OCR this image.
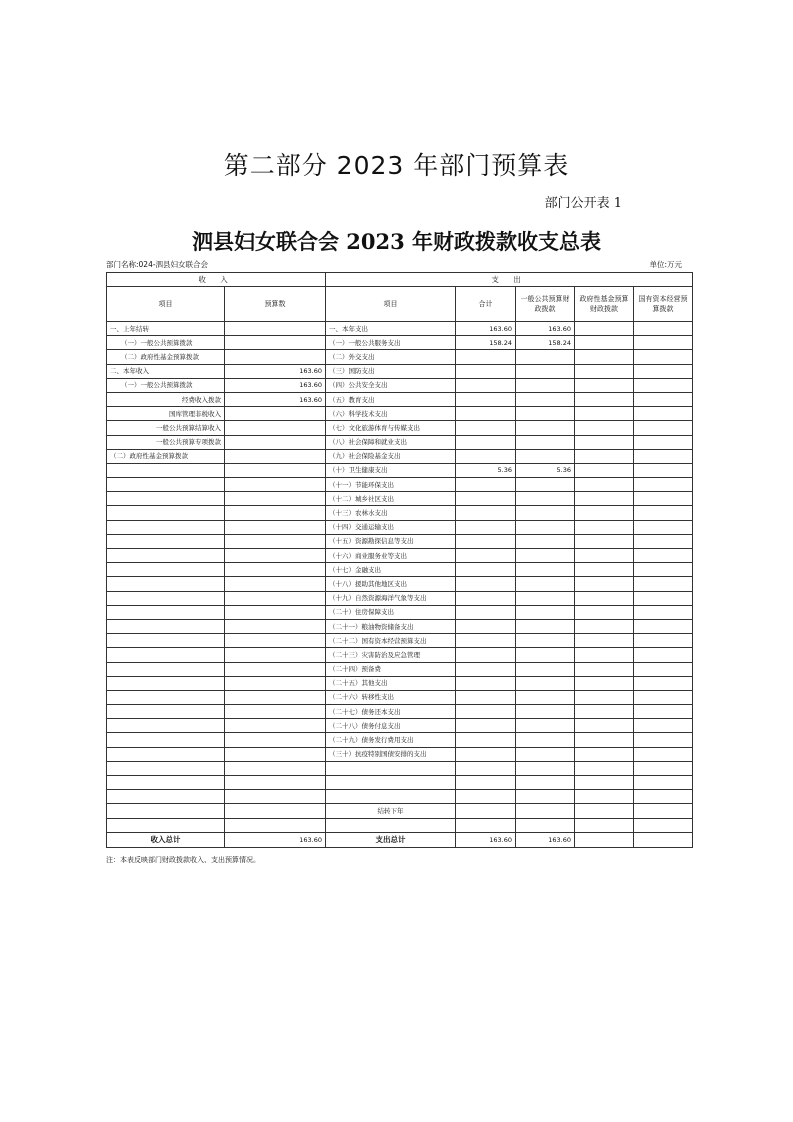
第二部分 2023 年部门预算表
部门公开表 1
泗县妇女联合会 2023 年财政拨款收支总表
部门名称:024-泗县妇女联合会	单位:万元
收 入		支 出				
项目	预算数	项目	合计	一般公共预算财政拨款	政府性基金预算财政拨款	国有资本经营预算拨款
一、上年结转		一、本年支出	163.60	163.60		
（一）一般公共预算拨款		（一）一般公共服务支出	158.24	158.24		
（二）政府性基金预算拨款		（二）外交支出				
二、本年收入	163.60	（三）国防支出				
（一）一般公共预算拨款	163.60	（四）公共安全支出				
经费收入拨款	163.60	（五）教育支出				
国库管理非税收入		（六）科学技术支出				
一般公共预算结算收入		（七）文化旅游体育与传媒支出				
一般公共预算专项拨款		（八）社会保障和就业支出				
（二）政府性基金预算拨款		（九）社会保险基金支出				
		（十）卫生健康支出	5.36	5.36		
		（十一）节能环保支出				
		（十二）城乡社区支出				
		（十三）农林水支出				
		（十四）交通运输支出				
		（十五）资源勘探信息等支出				
		（十六）商业服务业等支出				
		（十七）金融支出				
		（十八）援助其他地区支出				
		（十九）自然资源海洋气象等支出				
		（二十）住房保障支出				
		（二十一）粮油物资储备支出				
		（二十二）国有资本经营预算支出				
		（二十三）灾害防治及应急管理				
		（二十四）预备费				
		（二十五）其他支出				
		（二十六）转移性支出				
		（二十七）债务还本支出				
		（二十八）债务付息支出				
		（二十九）债务发行费用支出				
		（三十）抗疫特别国债安排的支出				

		结转下年				

收入总计	163.60	支出总计	163.60	163.60		
注：本表反映部门财政拨款收入、支出预算情况。
